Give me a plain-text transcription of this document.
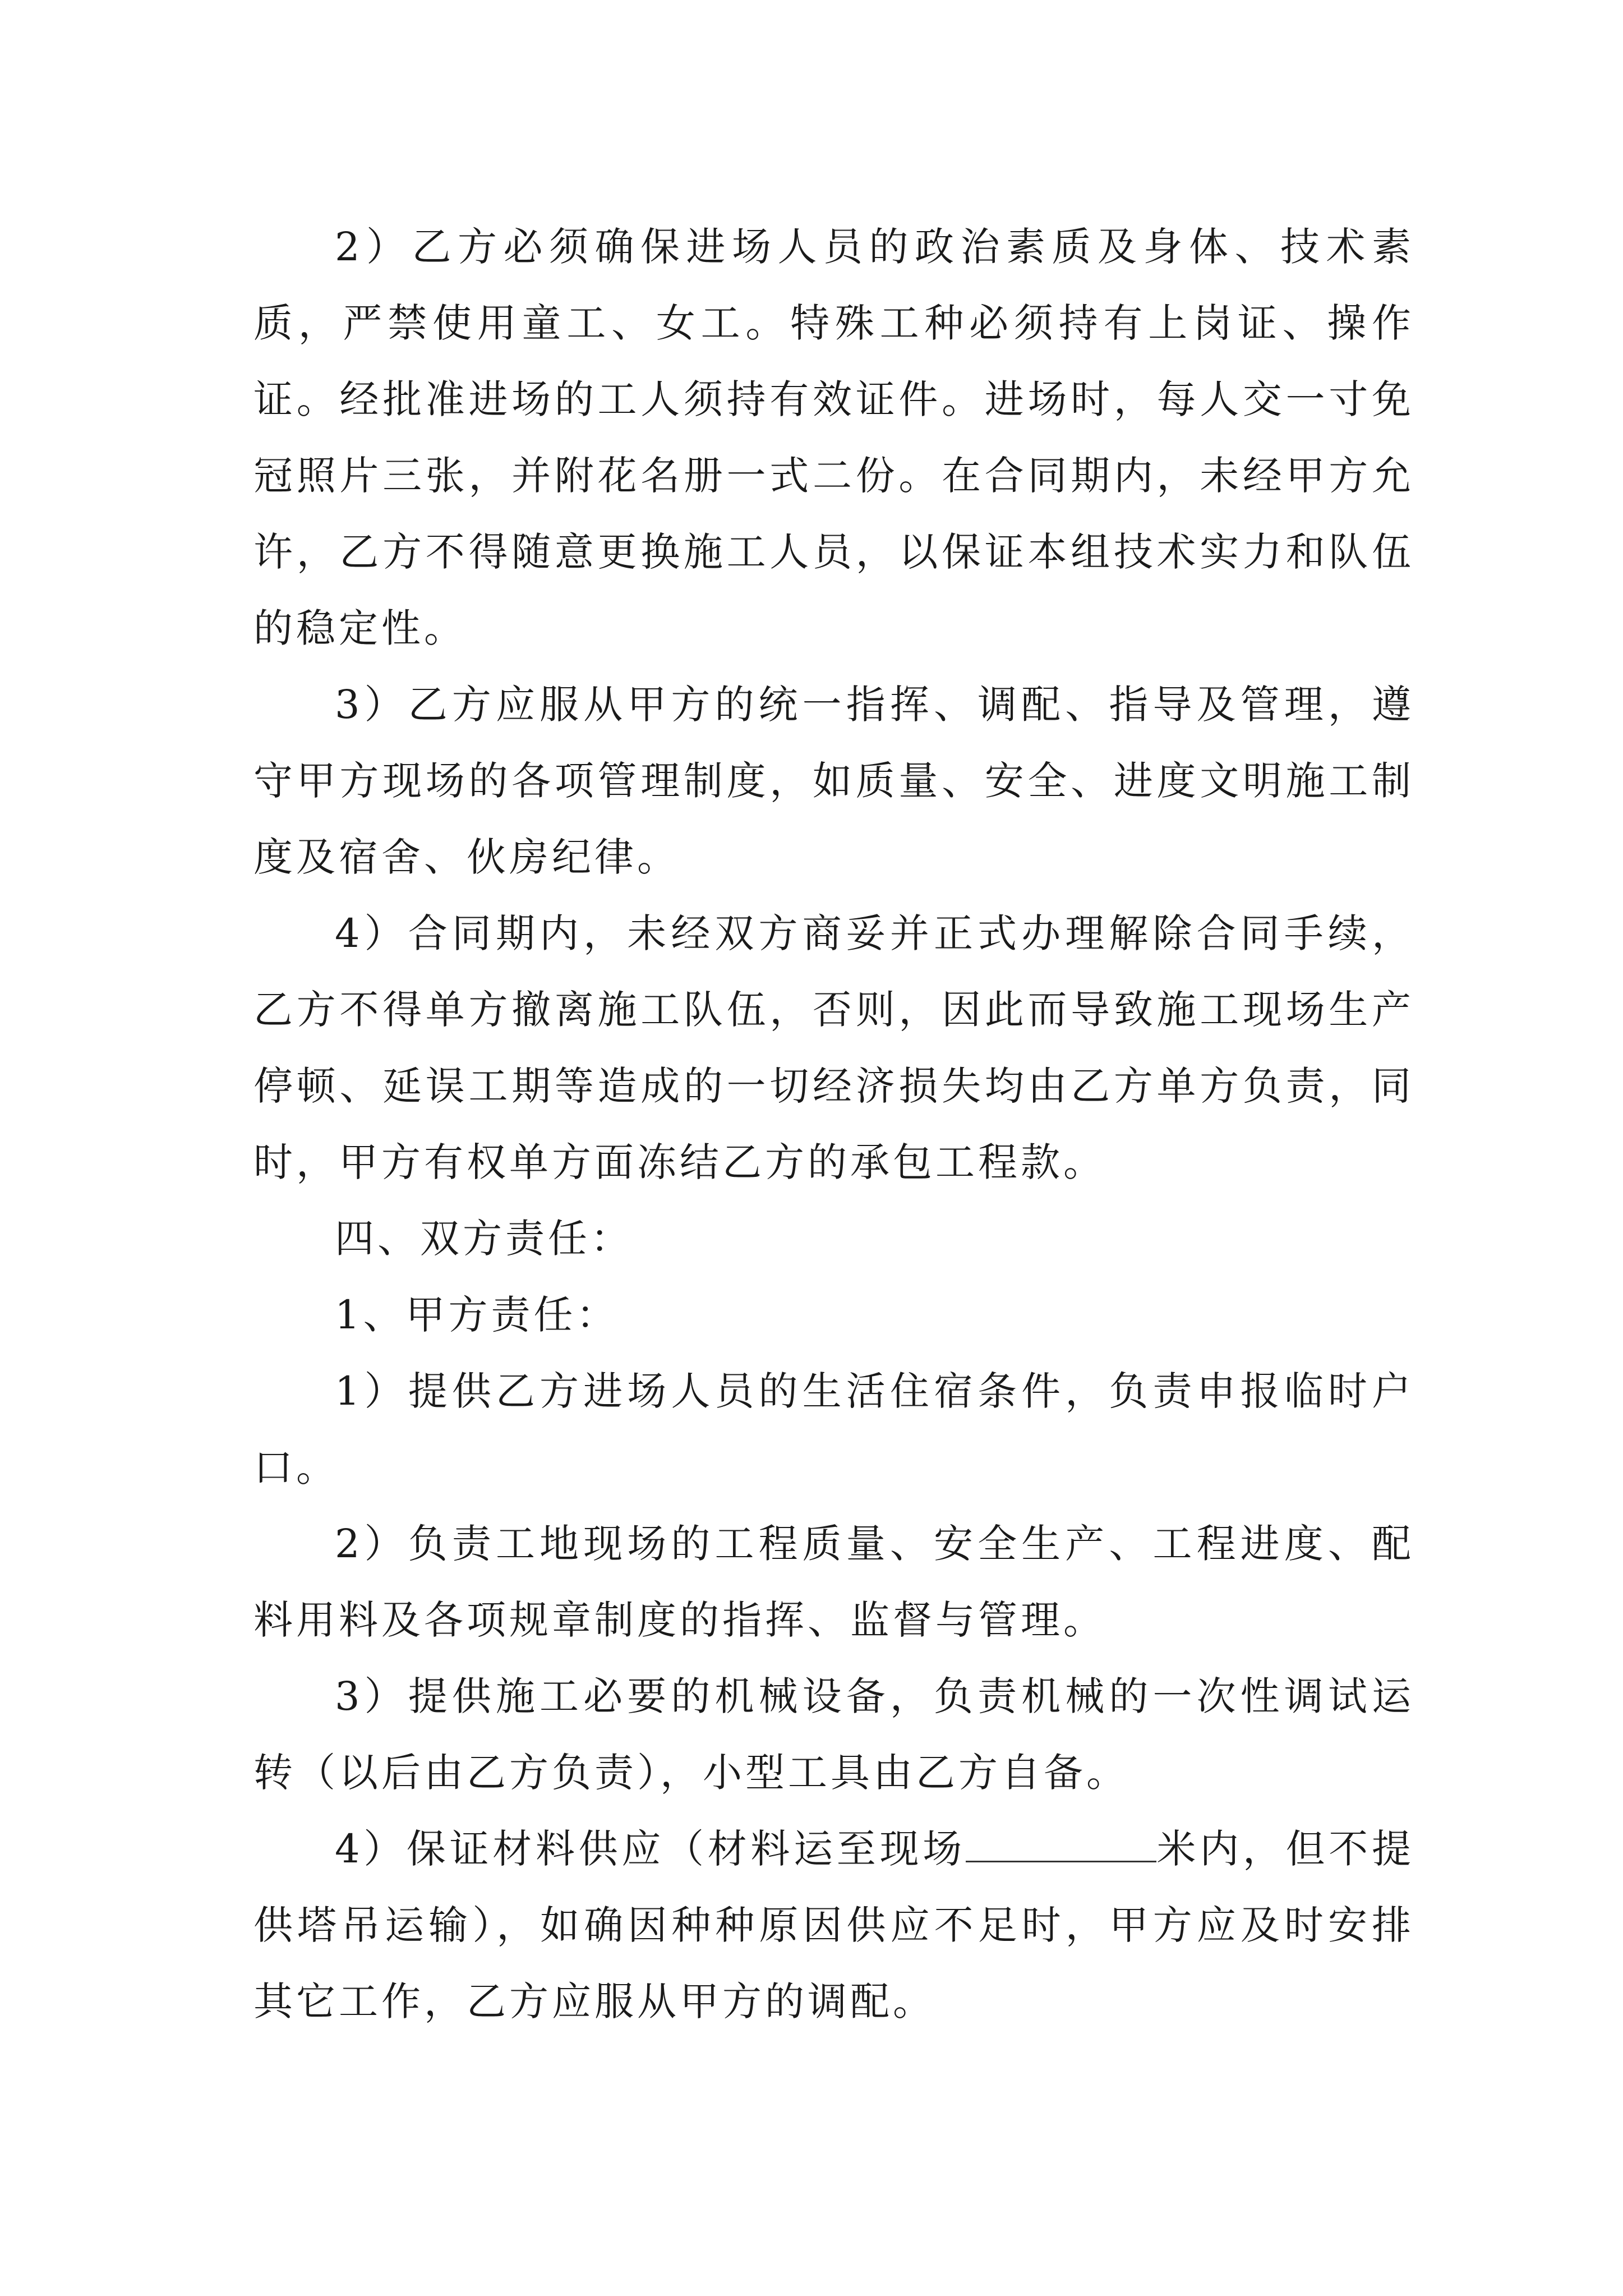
2）乙方必须确保进场人员的政治素质及身体、技术素质，严禁使用童工、女工。特殊工种必须持有上岗证、操作证。经批准进场的工人须持有效证件。进场时，每人交一寸免冠照片三张，并附花名册一式二份。在合同期内，未经甲方允许，乙方不得随意更换施工人员，以保证本组技术实力和队伍的稳定性。

3）乙方应服从甲方的统一指挥、调配、指导及管理，遵守甲方现场的各项管理制度，如质量、安全、进度文明施工制度及宿舍、伙房纪律。

4）合同期内，未经双方商妥并正式办理解除合同手续，乙方不得单方撤离施工队伍，否则，因此而导致施工现场生产停顿、延误工期等造成的一切经济损失均由乙方单方负责，同时，甲方有权单方面冻结乙方的承包工程款。

四、双方责任：

1、甲方责任：

1）提供乙方进场人员的生活住宿条件，负责申报临时户口。

2）负责工地现场的工程质量、安全生产、工程进度、配料用料及各项规章制度的指挥、监督与管理。

3）提供施工必要的机械设备，负责机械的一次性调试运转（以后由乙方负责），小型工具由乙方自备。

4）保证材料供应（材料运至现场	米内，但不提供塔吊运输），如确因种种原因供应不足时，甲方应及时安排其它工作，乙方应服从甲方的调配。
